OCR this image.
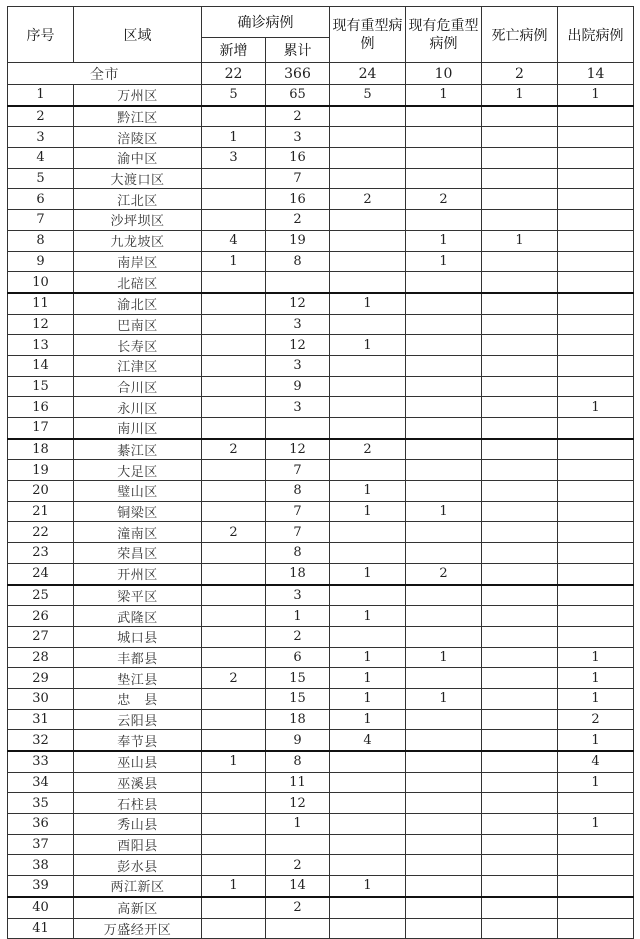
序号	区域	确诊病例		现有重型病例	现有危重型病例	死亡病例	出院病例
		新增	累计				
全市		22	366	24	10	2	14
1	万州区	5	65	5	1	1	1
2	黔江区		2				
3	涪陵区	1	3				
4	渝中区	3	16				
5	大渡口区		7				
6	江北区		16	2	2		
7	沙坪坝区		2				
8	九龙坡区	4	19		1	1	
9	南岸区	1	8		1		
10	北碚区						
11	渝北区		12	1			
12	巴南区		3				
13	长寿区		12	1			
14	江津区		3				
15	合川区		9				
16	永川区		3				1
17	南川区						
18	綦江区	2	12	2			
19	大足区		7				
20	璧山区		8	1			
21	铜梁区		7	1	1		
22	潼南区	2	7				
23	荣昌区		8				
24	开州区		18	1	2		
25	梁平区		3				
26	武隆区		1	1			
27	城口县		2				
28	丰都县		6	1	1		1
29	垫江县	2	15	1			1
30	忠　县		15	1	1		1
31	云阳县		18	1			2
32	奉节县		9	4			1
33	巫山县	1	8				4
34	巫溪县		11				1
35	石柱县		12				
36	秀山县		1				1
37	酉阳县						
38	彭水县		2				
39	两江新区	1	14	1			
40	高新区		2				
41	万盛经开区						
